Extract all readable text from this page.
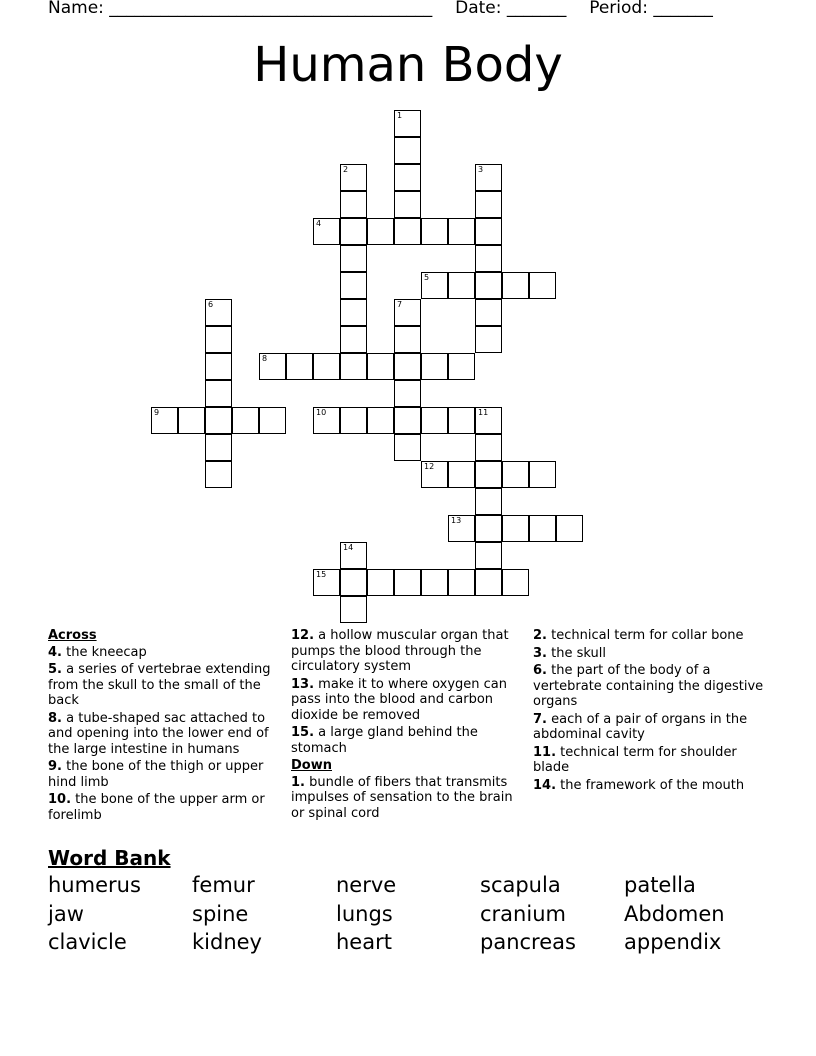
Name: ______________________________________ Date: _______ Period: _______
Human Body
1
2	3
4
5
6	7
8
9	10	11
12
13
14
15
Across
4. the kneecap
5. a series of vertebrae extending from the skull to the small of the back
8. a tube-shaped sac attached to and opening into the lower end of the large intestine in humans
9. the bone of the thigh or upper hind limb
10. the bone of the upper arm or forelimb
12. a hollow muscular organ that pumps the blood through the circulatory system
13. make it to where oxygen can pass into the blood and carbon dioxide be removed
15. a large gland behind the stomach
Down
1. bundle of fibers that transmits impulses of sensation to the brain or spinal cord
2. technical term for collar bone
3. the skull
6. the part of the body of a vertebrate containing the digestive organs
7. each of a pair of organs in the abdominal cavity
11. technical term for shoulder blade
14. the framework of the mouth
Word Bank
humerus	femur	nerve	scapula	patella
jaw	spine	lungs	cranium	Abdomen
clavicle	kidney	heart	pancreas	appendix
